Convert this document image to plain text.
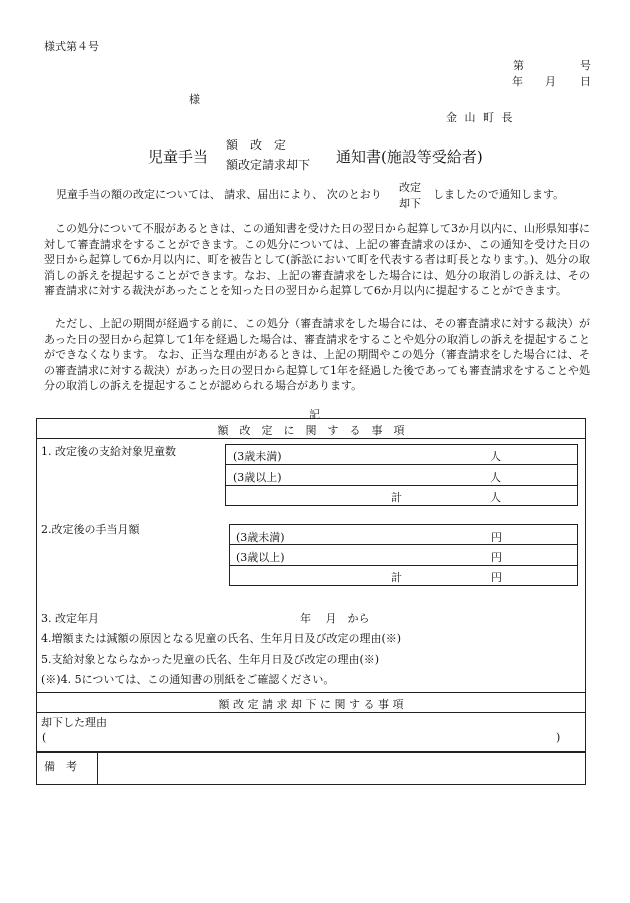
様式第４号
第	号
年 月 日
様
金 山 町 長
児童手当
額　改　定
額改定請求却下 通知書(施設等受給者)
児童手当の額の改定については、 請求、届出により、 次のとおり
改定
却下
しましたので通知します。
この処分について不服があるときは、この通知書を受けた日の翌日から起算して3か月以内に、山形県知事に対して審査請求をすることができます。この処分については、上記の審査請求のほか、この通知を受けた日の翌日から起算して6か月以内に、町を被告として(訴訟において町を代表する者は町長となります。)、処分の取消しの訴えを提起することができます。なお、上記の審査請求をした場合には、処分の取消しの訴えは、その審査請求に対する裁決があったことを知った日の翌日から起算して6か月以内に提起することができます。
ただし、上記の期間が経過する前に、この処分（審査請求をした場合には、その審査請求に対する裁決）があった日の翌日から起算して1年を経過した場合は、審査請求をすることや処分の取消しの訴えを提起することができなくなります。 なお、正当な理由があるときは、上記の期間やこの処分（審査請求をした場合には、その審査請求に対する裁決）があった日の翌日から起算して1年を経過した後であっても審査請求をすることや処分の取消しの訴えを提起することが認められる場合があります。
記
額　改　定　に　関　す　る　事　項
1. 改定後の支給対象児童数	(3歳未満)	人
(3歳以上)	人
計	人
2.改定後の手当月額
(3歳未満)	円
(3歳以上)	円
計	円
3. 改定年月	年　 月　から
4.増額または減額の原因となる児童の氏名、生年月日及び改定の理由(※)
5.支給対象とならなかった児童の氏名、生年月日及び改定の理由(※)
(※)4. 5については、この通知書の別紙をご確認ください。
額 改 定 請 求 却 下 に 関 す る 事 項
却下した理由
(	)
備　考
